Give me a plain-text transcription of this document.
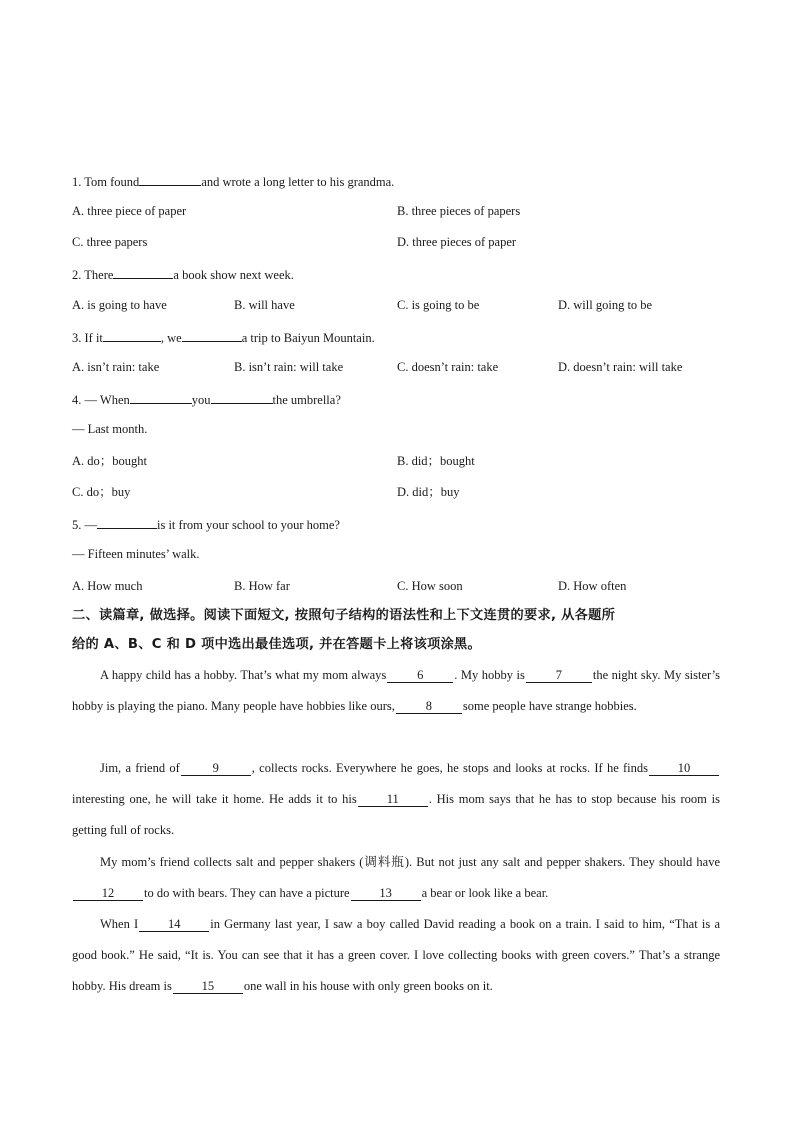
1. Tom found	and wrote a long letter to his grandma.
A. three piece of paper	B. three pieces of papers
C. three papers	D. three pieces of paper
2. There	a book show next week.
A. is going to have	B. will have	C. is going to be	D. will going to be
3. If it	, we	a trip to Baiyun Mountain.
A. isn’t rain: take	B. isn’t rain: will take	C. doesn’t rain: take	D. doesn’t rain: will take
4. — When	you	the umbrella?
— Last month.
A. do；bought	B. did；bought
C. do；buy	D. did；buy
5. —	is it from your school to your home?
— Fifteen minutes’ walk.
A. How much	B. How far	C. How soon	D. How often
二、读篇章, 做选择。阅读下面短文, 按照句子结构的语法性和上下文连贯的要求, 从各题所
给的 A、B、C 和 D 项中选出最佳选项, 并在答题卡上将该项涂黑。
A happy child has a hobby. That’s what my mom always 6 . My hobby is 7 the night sky. My sister’s hobby is playing the piano. Many people have hobbies like ours, 8 some people have strange hobbies.
Jim, a friend of	9	, collects rocks. Everywhere he goes, he stops and looks at rocks. If he finds 10interesting one, he will take it home. He adds it to his 11 . His mom says that he has to stop because his room is getting full of rocks.
My mom’s friend collects salt and pepper shakers (调料瓶). But not just any salt and pepper shakers. They should have12 to do with bears. They can have a picture 13 a bear or look like a bear.
When I 14 in Germany last year, I saw a boy called David reading a book on a train. I said to him, “That is a good book.” He said, “It is. You can see that it has a green cover. I love collecting books with green covers.” That’s a strange hobby. His dream is 15 one wall in his house with only green books on it.
